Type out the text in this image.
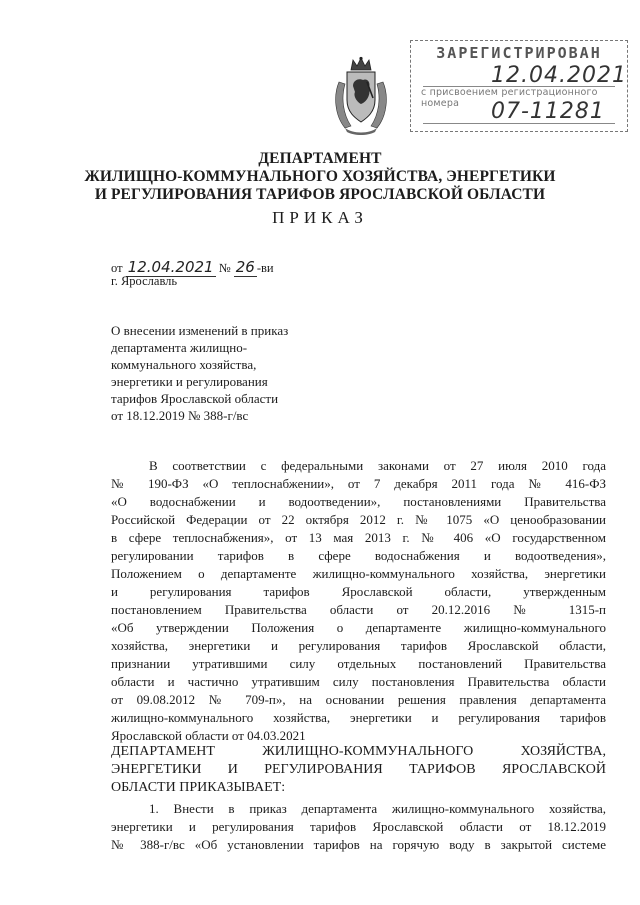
ЗАРЕГИСТРИРОВАН
12.04.2021
с присвоением регистрационного номера	07-11281
ДЕПАРТАМЕНТ
ЖИЛИЩНО-КОММУНАЛЬНОГО ХОЗЯЙСТВА, ЭНЕРГЕТИКИ
И РЕГУЛИРОВАНИЯ ТАРИФОВ ЯРОСЛАВСКОЙ ОБЛАСТИ
ПРИКАЗ
от 12.04.2021 № 26 -ви
г. Ярославль
О внесении изменений в приказ
департамента жилищно-
коммунального хозяйства,
энергетики и регулирования
тарифов Ярославской области
от 18.12.2019 № 388-г/вс
В соответствии с федеральными законами от 27 июля 2010 года
№ 190-ФЗ «О теплоснабжении», от 7 декабря 2011 года № 416-ФЗ
«О водоснабжении и водоотведении», постановлениями Правительства
Российской Федерации от 22 октября 2012 г. № 1075 «О ценообразовании
в сфере теплоснабжения», от 13 мая 2013 г. № 406 «О государственном
регулировании тарифов в сфере водоснабжения и водоотведения»,
Положением о департаменте жилищно-коммунального хозяйства, энергетики
и регулирования тарифов Ярославской области, утвержденным
постановлением Правительства области от 20.12.2016 № 1315-п
«Об утверждении Положения о департаменте жилищно-коммунального
хозяйства, энергетики и регулирования тарифов Ярославской области,
признании утратившими силу отдельных постановлений Правительства
области и частично утратившим силу постановления Правительства области
от 09.08.2012 № 709-п», на основании решения правления департамента
жилищно-коммунального хозяйства, энергетики и регулирования тарифов
Ярославской области от 04.03.2021
ДЕПАРТАМЕНТ ЖИЛИЩНО-КОММУНАЛЬНОГО ХОЗЯЙСТВА,
ЭНЕРГЕТИКИ И РЕГУЛИРОВАНИЯ ТАРИФОВ ЯРОСЛАВСКОЙ
ОБЛАСТИ ПРИКАЗЫВАЕТ:
1. Внести в приказ департамента жилищно-коммунального хозяйства,
энергетики и регулирования тарифов Ярославской области от 18.12.2019
№ 388-г/вс «Об установлении тарифов на горячую воду в закрытой системе
